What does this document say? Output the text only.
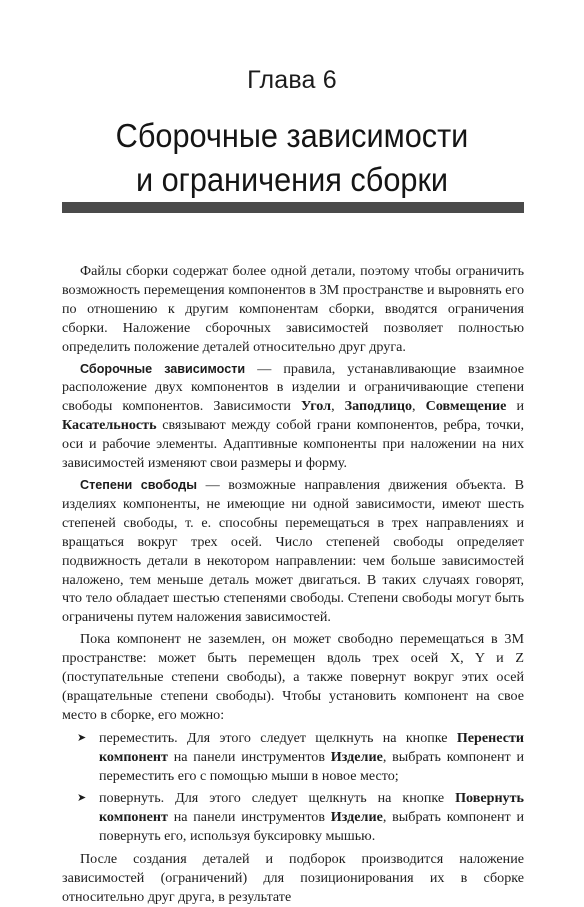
Глава 6
Сборочные зависимости
и ограничения сборки

Файлы сборки содержат более одной детали, поэтому чтобы ограничить возможность перемещения компонентов в 3М пространстве и выровнять его по отношению к другим компонентам сборки, вводятся ограничения сборки. Наложение сборочных зависимостей позволяет полностью определить положение деталей относительно друг друга.

Сборочные зависимости — правила, устанавливающие взаимное расположение двух компонентов в изделии и ограничивающие степени свободы компонентов. Зависимости Угол, Заподлицо, Совмещение и Касательность связывают между собой грани компонентов, ребра, точки, оси и рабочие элементы. Адаптивные компоненты при наложении на них зависимостей изменяют свои размеры и форму.

Степени свободы — возможные направления движения объекта. В изделиях компоненты, не имеющие ни одной зависимости, имеют шесть степеней свободы, т. е. способны перемещаться в трех направлениях и вращаться вокруг трех осей. Число степеней свободы определяет подвижность детали в некотором направлении: чем больше зависимостей наложено, тем меньше деталь может двигаться. В таких случаях говорят, что тело обладает шестью степенями свободы. Степени свободы могут быть ограничены путем наложения зависимостей.

Пока компонент не заземлен, он может свободно перемещаться в 3М пространстве: может быть перемещен вдоль трех осей X, Y и Z (поступательные степени свободы), а также повернут вокруг этих осей (вращательные степени свободы). Чтобы установить компонент на свое место в сборке, его можно:

➤ переместить. Для этого следует щелкнуть на кнопке Перенести компонент на панели инструментов Изделие, выбрать компонент и переместить его с помощью мыши в новое место;
➤ повернуть. Для этого следует щелкнуть на кнопке Повернуть компонент на панели инструментов Изделие, выбрать компонент и повернуть его, используя буксировку мышью.

После создания деталей и подборок производится наложение зависимостей (ограничений) для позиционирования их в сборке относительно друг друга, в результате
